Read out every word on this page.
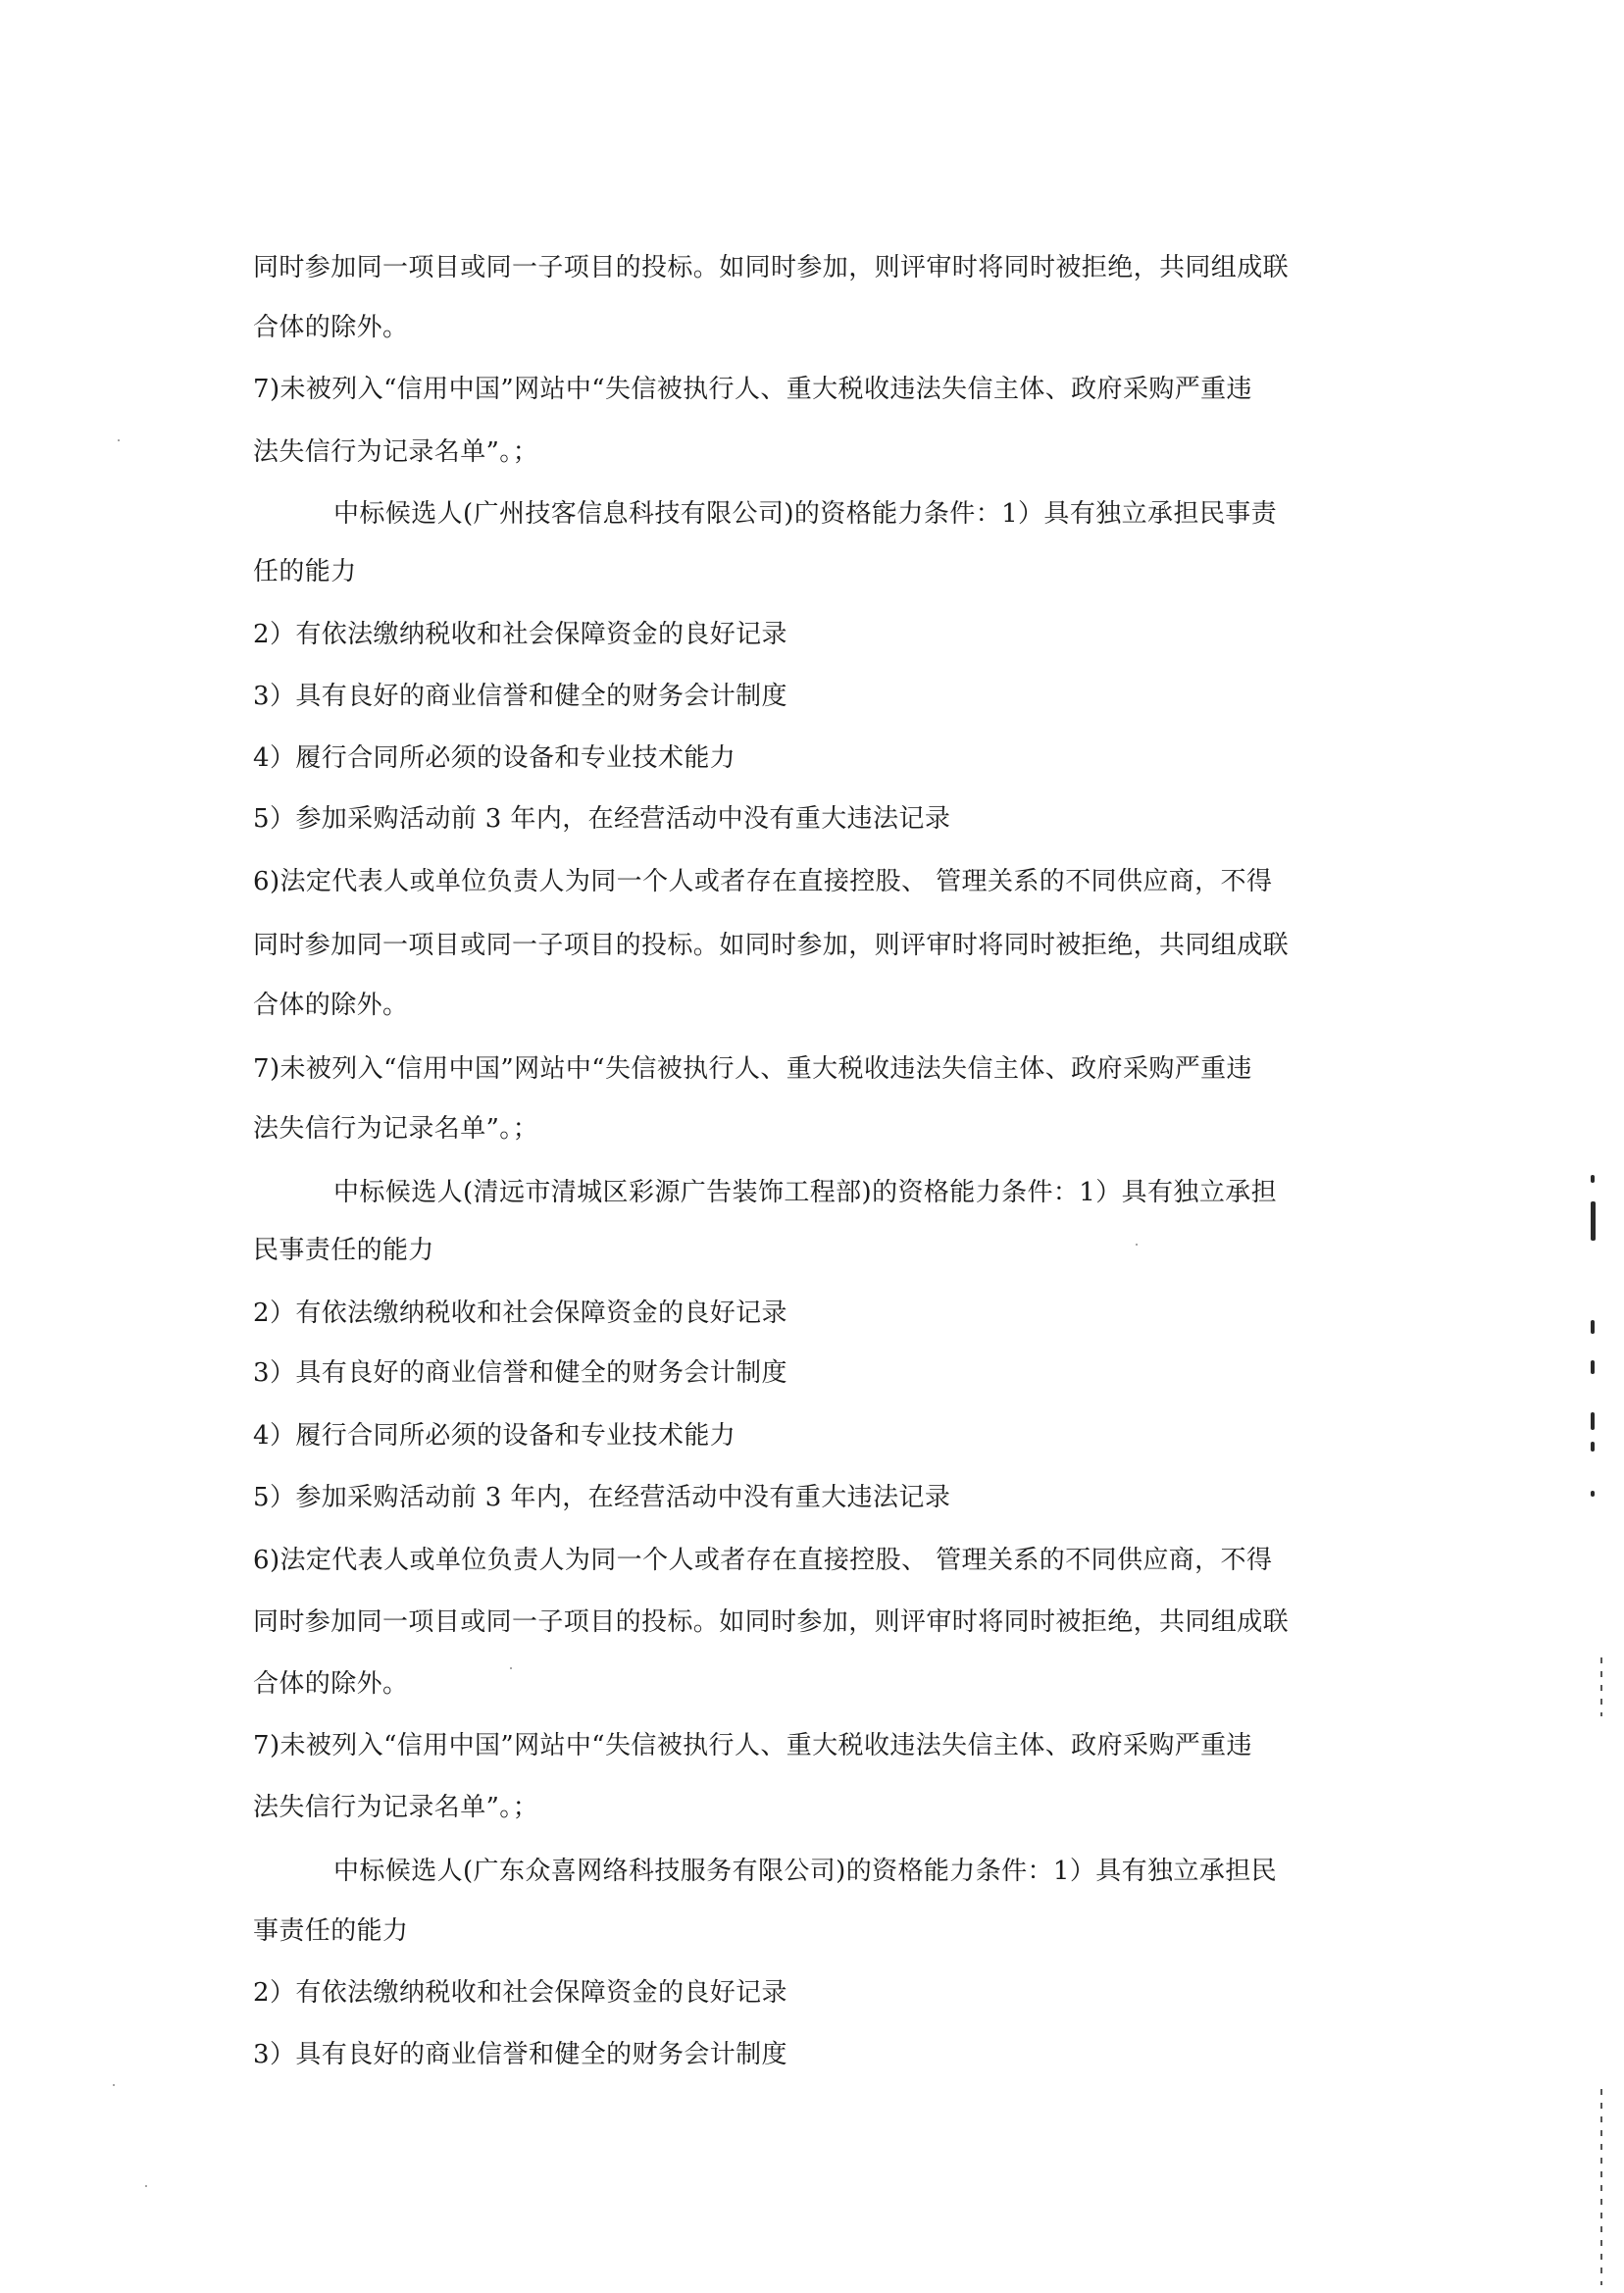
同时参加同一项目或同一子项目的投标。如同时参加，则评审时将同时被拒绝，共同组成联
合体的除外。
7)未被列入“信用中国”网站中“失信被执行人、重大税收违法失信主体、政府采购严重违
法失信行为记录名单”。；
中标候选人(广州技客信息科技有限公司)的资格能力条件：1）具有独立承担民事责
任的能力
2）有依法缴纳税收和社会保障资金的良好记录
3）具有良好的商业信誉和健全的财务会计制度
4）履行合同所必须的设备和专业技术能力
5）参加采购活动前 3 年内，在经营活动中没有重大违法记录
6)法定代表人或单位负责人为同一个人或者存在直接控股、 管理关系的不同供应商，不得
同时参加同一项目或同一子项目的投标。如同时参加，则评审时将同时被拒绝，共同组成联
合体的除外。
7)未被列入“信用中国”网站中“失信被执行人、重大税收违法失信主体、政府采购严重违
法失信行为记录名单”。；
中标候选人(清远市清城区彩源广告装饰工程部)的资格能力条件：1）具有独立承担
民事责任的能力
2）有依法缴纳税收和社会保障资金的良好记录
3）具有良好的商业信誉和健全的财务会计制度
4）履行合同所必须的设备和专业技术能力
5）参加采购活动前 3 年内，在经营活动中没有重大违法记录
6)法定代表人或单位负责人为同一个人或者存在直接控股、 管理关系的不同供应商，不得
同时参加同一项目或同一子项目的投标。如同时参加，则评审时将同时被拒绝，共同组成联
合体的除外。
7)未被列入“信用中国”网站中“失信被执行人、重大税收违法失信主体、政府采购严重违
法失信行为记录名单”。；
中标候选人(广东众喜网络科技服务有限公司)的资格能力条件：1）具有独立承担民
事责任的能力
2）有依法缴纳税收和社会保障资金的良好记录
3）具有良好的商业信誉和健全的财务会计制度
